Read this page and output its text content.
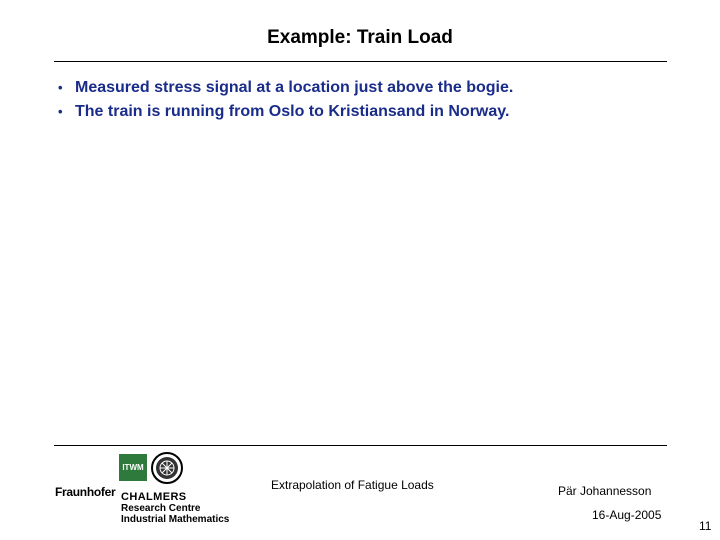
Example: Train Load
• Measured stress signal at a location just above the bogie.
• The train is running from Oslo to Kristiansand in Norway.
ITWM
Fraunhofer CHALMERS
Research Centre
Industrial Mathematics
Extrapolation of Fatigue Loads	Pär Johannesson
16-Aug-2005
11
